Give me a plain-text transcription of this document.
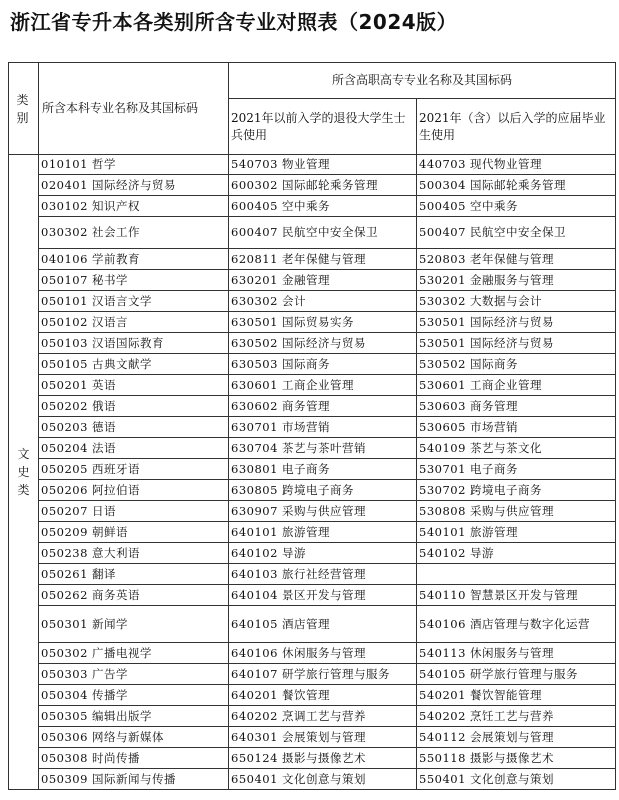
浙江省专升本各类别所含专业对照表（2024版）
类别	所含本科专业名称及其国标码	所含高职高专专业名称及其国标码	
		2021年以前入学的退役大学生士兵使用	2021年（含）以后入学的应届毕业生使用

文史类	010101 哲学	540703 物业管理	440703 现代物业管理
	020401 国际经济与贸易	600302 国际邮轮乘务管理	500304 国际邮轮乘务管理
	030102 知识产权	600405 空中乘务	500405 空中乘务
	030302 社会工作	600407 民航空中安全保卫	500407 民航空中安全保卫
	040106 学前教育	620811 老年保健与管理	520803 老年保健与管理
	050107 秘书学	630201 金融管理	530201 金融服务与管理
	050101 汉语言文学	630302 会计	530302 大数据与会计
	050102 汉语言	630501 国际贸易实务	530501 国际经济与贸易
	050103 汉语国际教育	630502 国际经济与贸易	530501 国际经济与贸易
	050105 古典文献学	630503 国际商务	530502 国际商务
	050201 英语	630601 工商企业管理	530601 工商企业管理
	050202 俄语	630602 商务管理	530603 商务管理
	050203 德语	630701 市场营销	530605 市场营销
	050204 法语	630704 茶艺与茶叶营销	540109 茶艺与茶文化
	050205 西班牙语	630801 电子商务	530701 电子商务
	050206 阿拉伯语	630805 跨境电子商务	530702 跨境电子商务
	050207 日语	630907 采购与供应管理	530808 采购与供应管理
	050209 朝鲜语	640101 旅游管理	540101 旅游管理
	050238 意大利语	640102 导游	540102 导游
	050261 翻译	640103 旅行社经营管理	
	050262 商务英语	640104 景区开发与管理	540110 智慧景区开发与管理
	050301 新闻学	640105 酒店管理	540106 酒店管理与数字化运营
	050302 广播电视学	640106 休闲服务与管理	540113 休闲服务与管理
	050303 广告学	640107 研学旅行管理与服务	540105 研学旅行管理与服务
	050304 传播学	640201 餐饮管理	540201 餐饮智能管理
	050305 编辑出版学	640202 烹调工艺与营养	540202 烹饪工艺与营养
	050306 网络与新媒体	640301 会展策划与管理	540112 会展策划与管理
	050308 时尚传播	650124 摄影与摄像艺术	550118 摄影与摄像艺术
	050309 国际新闻与传播	650401 文化创意与策划	550401 文化创意与策划
